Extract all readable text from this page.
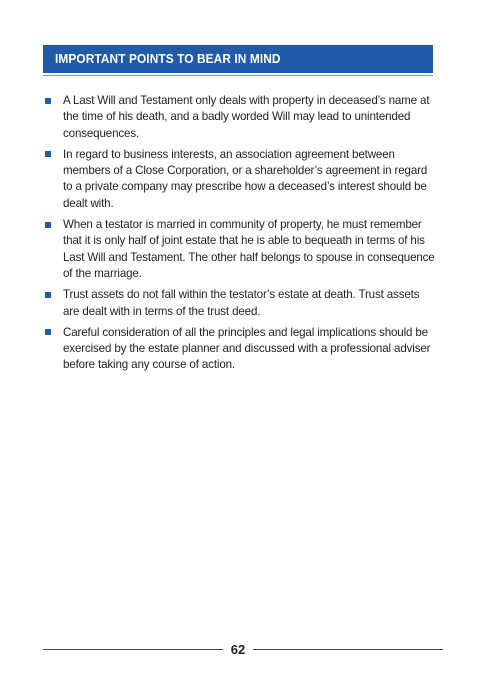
IMPORTANT POINTS TO BEAR IN MIND
A Last Will and Testament only deals with property in deceased’s name at the time of his death, and a badly worded Will may lead to unintended consequences.
In regard to business interests, an association agreement between members of a Close Corporation, or a shareholder’s agreement in regard to a private company may prescribe how a deceased’s interest should be dealt with.
When a testator is married in community of property, he must remember that it is only half of joint estate that he is able to bequeath in terms of his Last Will and Testament. The other half belongs to spouse in consequence of the marriage.
Trust assets do not fall within the testator’s estate at death. Trust assets are dealt with in terms of the trust deed.
Careful consideration of all the principles and legal implications should be exercised by the estate planner and discussed with a professional adviser before taking any course of action.
62
